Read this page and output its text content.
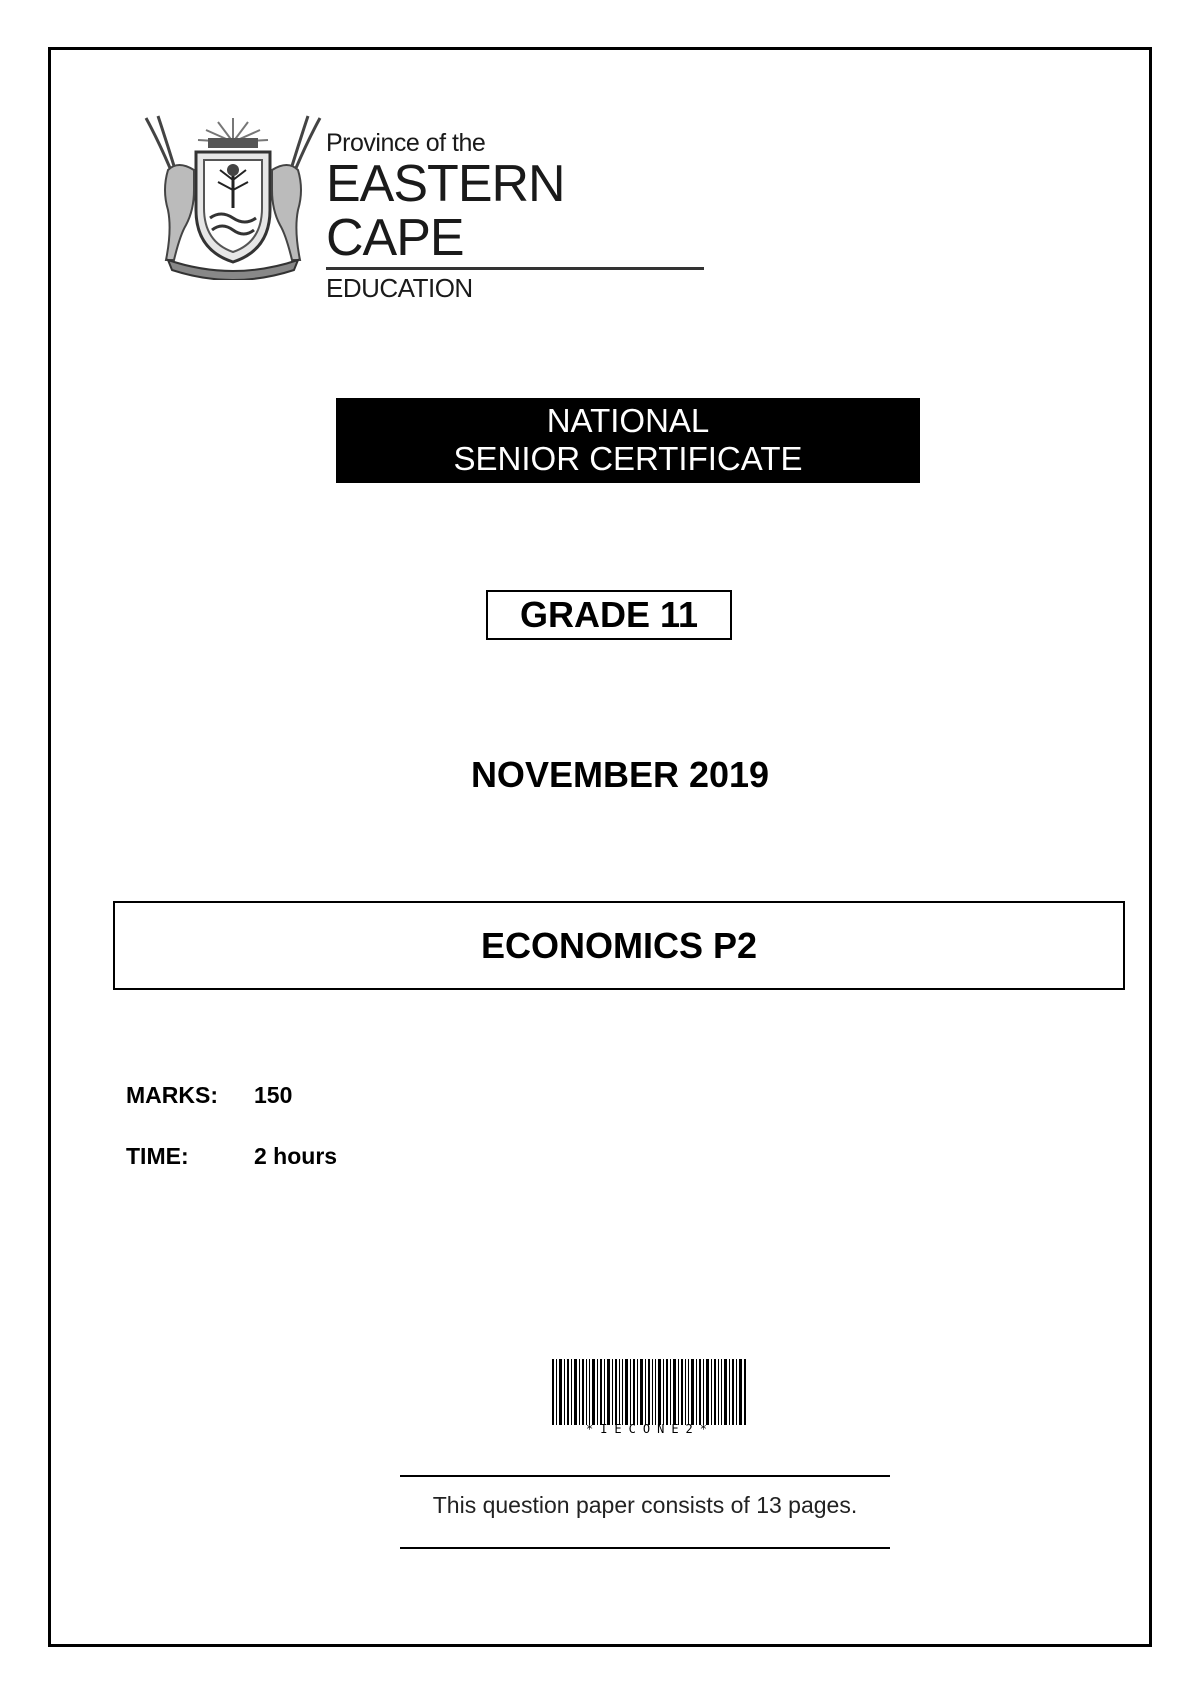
Province of the
EASTERN CAPE
EDUCATION
NATIONAL
SENIOR CERTIFICATE
GRADE 11
NOVEMBER 2019
ECONOMICS P2
MARKS: 150
TIME:	2 hours
*IECONE2*
This question paper consists of 13 pages.
